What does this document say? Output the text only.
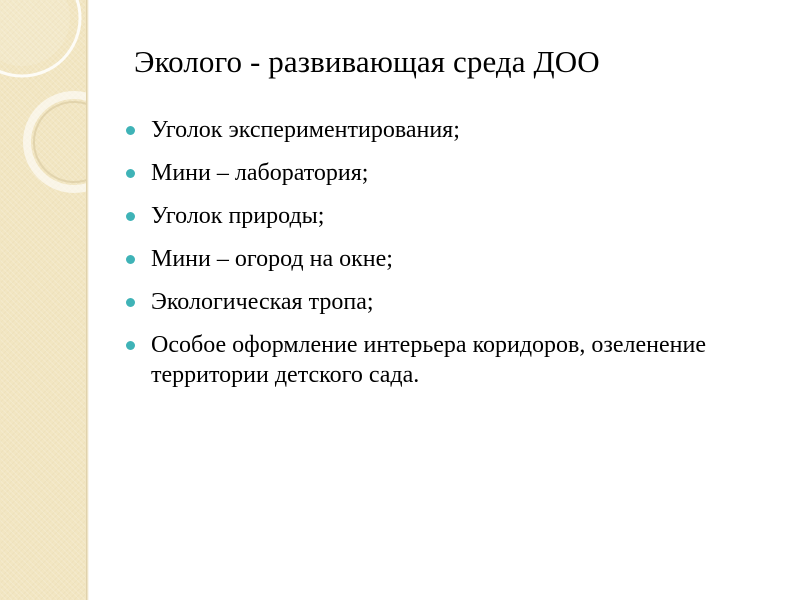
Эколого - развивающая среда ДОО
Уголок экспериментирования;
Мини – лаборатория;
Уголок природы;
Мини – огород на окне;
Экологическая тропа;
Особое оформление интерьера коридоров, озеленение территории детского сада.
